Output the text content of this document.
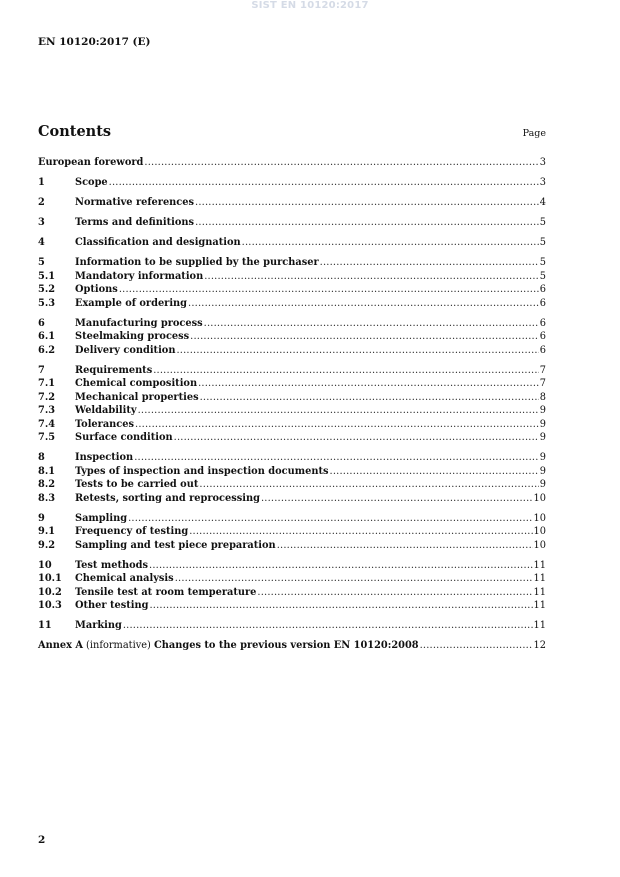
SIST EN 10120:2017
EN 10120:2017 (E)
Contents	Page
European foreword .....	3
1	Scope .....	3
2	Normative references .....	4
3	Terms and definitions .....	5
4	Classification and designation .....	5
5	Information to be supplied by the purchaser .....	5
5.1	Mandatory information .....	5
5.2	Options .....	6
5.3	Example of ordering .....	6
6	Manufacturing process .....	6
6.1	Steelmaking process .....	6
6.2	Delivery condition .....	6
7	Requirements .....	7
7.1	Chemical composition .....	7
7.2	Mechanical properties .....	8
7.3	Weldability .....	9
7.4	Tolerances .....	9
7.5	Surface condition .....	9
8	Inspection .....	9
8.1	Types of inspection and inspection documents .....	9
8.2	Tests to be carried out .....	9
8.3	Retests, sorting and reprocessing .....	10
9	Sampling .....	10
9.1	Frequency of testing .....	10
9.2	Sampling and test piece preparation .....	10
10	Test methods .....	11
10.1	Chemical analysis .....	11
10.2	Tensile test at room temperature .....	11
10.3	Other testing .....	11
11	Marking .....	11
Annex A (informative) Changes to the previous version EN 10120:2008 .....	12
2
